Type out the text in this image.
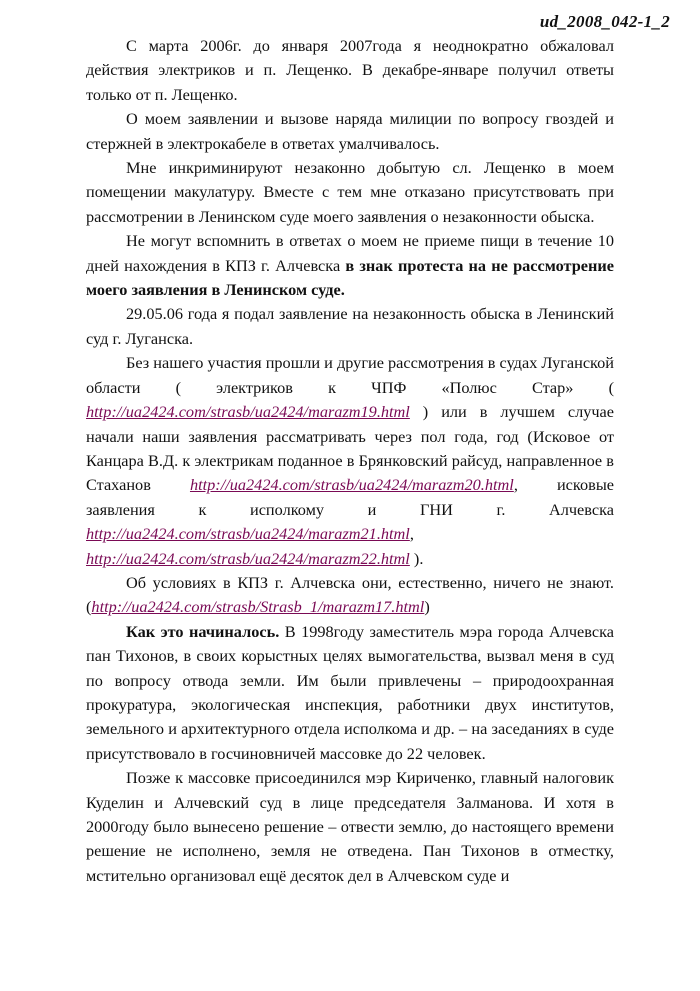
ud_2008_042-1_2

С марта 2006г. до января 2007года я неоднократно обжаловал действия электриков и п. Лещенко. В декабре-январе получил ответы только от п. Лещенко.

О моем заявлении и вызове наряда милиции по вопросу гвоздей и стержней в электрокабеле в ответах умалчивалось.

Мне инкриминируют незаконно добытую сл. Лещенко в моем помещении макулатуру. Вместе с тем мне отказано присутствовать при рассмотрении в Ленинском суде моего заявления о незаконности обыска.

Не могут вспомнить в ответах о моем не приеме пищи в течение 10 дней нахождения в КПЗ г. Алчевска в знак протеста на не рассмотрение моего заявления в Ленинском суде.

29.05.06 года я подал заявление на незаконность обыска в Ленинский суд г. Луганска.

Без нашего участия прошли и другие рассмотрения в судах Луганской области ( электриков к ЧПФ «Полюс Стар» ( http://ua2424.com/strasb/ua2424/marazm19.html ) или в лучшем случае начали наши заявления рассматривать через пол года, год (Исковое от Канцара В.Д. к электрикам поданное в Брянковский райсуд, направленное в Стаханов http://ua2424.com/strasb/ua2424/marazm20.html, исковые заявления к исполкому и ГНИ г. Алчевска http://ua2424.com/strasb/ua2424/marazm21.html, http://ua2424.com/strasb/ua2424/marazm22.html ).

Об условиях в КПЗ г. Алчевска они, естественно, ничего не знают. (http://ua2424.com/strasb/Strasb_1/marazm17.html)

Как это начиналось. В 1998году заместитель мэра города Алчевска пан Тихонов, в своих корыстных целях вымогательства, вызвал меня в суд по вопросу отвода земли. Им были привлечены – природоохранная прокуратура, экологическая инспекция, работники двух институтов, земельного и архитектурного отдела исполкома и др. – на заседаниях в суде присутствовало в госчиновничей массовке до 22 человек.

Позже к массовке присоединился мэр Кириченко, главный налоговик Куделин и Алчевский суд в лице председателя Залманова. И хотя в 2000году было вынесено решение – отвести землю, до настоящего времени решение не исполнено, земля не отведена. Пан Тихонов в отместку, мстительно организовал ещё десяток дел в Алчевском суде и
